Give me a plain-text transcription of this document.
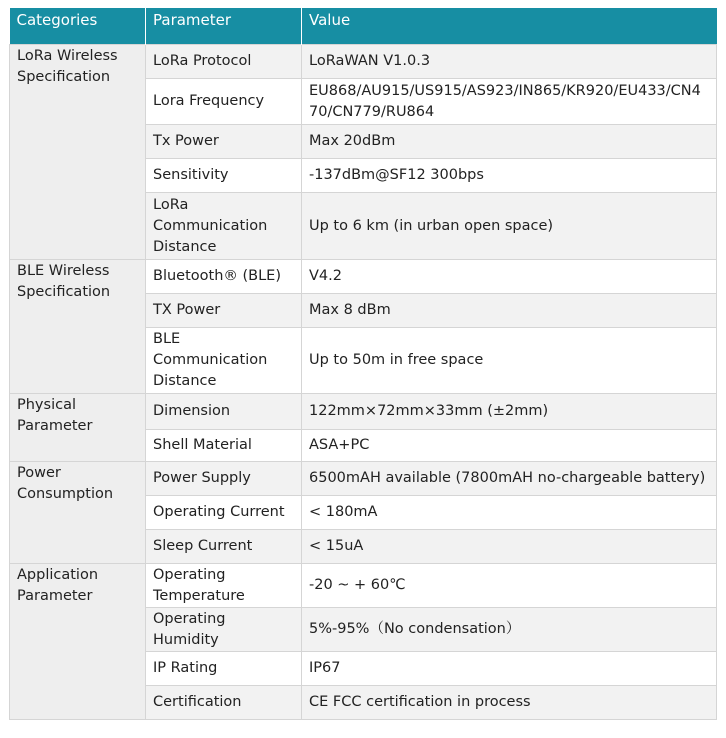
Categories	Parameter	Value
LoRa Wireless Specification	LoRa Protocol	LoRaWAN V1.0.3
	Lora Frequency	EU868/AU915/US915/AS923/IN865/KR920/EU433/CN470/CN779/RU864
	Tx Power	Max 20dBm
	Sensitivity	-137dBm@SF12 300bps
	LoRa Communication Distance	Up to 6 km (in urban open space)
BLE Wireless Specification	Bluetooth® (BLE)	V4.2
	TX Power	Max 8 dBm
	BLE Communication Distance	Up to 50m in free space
Physical Parameter	Dimension	122mm×72mm×33mm (±2mm)
	Shell Material	ASA+PC
Power Consumption	Power Supply	6500mAH available (7800mAH no-chargeable battery)
	Operating Current	< 180mA
	Sleep Current	< 15uA
Application Parameter	Operating Temperature	-20 ~ + 60℃
	Operating Humidity	5%-95%（No condensation）
	IP Rating	IP67
	Certification	CE FCC certification in process
